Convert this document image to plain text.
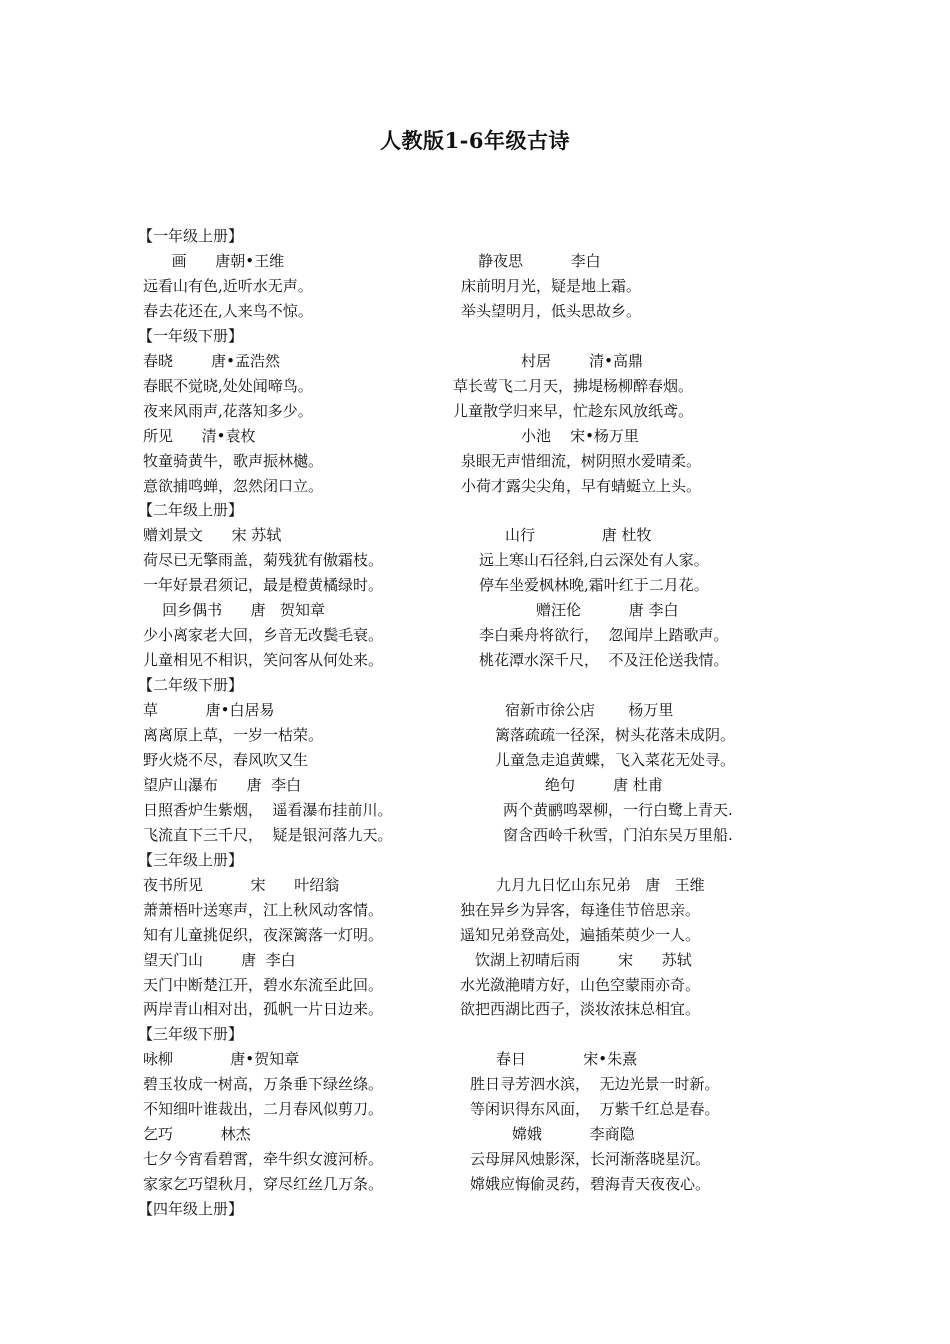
人教版1-6年级古诗
【一年级上册】
画      唐朝•王维	静夜思          李白
远看山有色,近听水无声。	床前明月光，疑是地上霜。
春去花还在,人来鸟不惊。	举头望明月，低头思故乡。
【一年级下册】
春晓        唐•孟浩然	村居        清•高鼎
春眠不觉晓,处处闻啼鸟。	草长莺飞二月天，拂堤杨柳醉春烟。
夜来风雨声,花落知多少。	儿童散学归来早，忙趁东风放纸鸢。
所见      清•袁枚	小池    宋•杨万里
牧童骑黄牛，歌声振林樾。	泉眼无声惜细流，树阴照水爱晴柔。
意欲捕鸣蝉，忽然闭口立。	小荷才露尖尖角，早有蜻蜓立上头。
【二年级上册】
赠刘景文      宋 苏轼	山行              唐 杜牧
荷尽已无擎雨盖，菊残犹有傲霜枝。	远上寒山石径斜,白云深处有人家。
一年好景君须记，最是橙黄橘绿时。	停车坐爱枫林晚,霜叶红于二月花。
回乡偶书      唐   贺知章	赠汪伦          唐 李白
少小离家老大回，乡音无改鬓毛衰。	李白乘舟将欲行，  忽闻岸上踏歌声。
儿童相见不相识，笑问客从何处来。	桃花潭水深千尺，  不及汪伦送我情。
【二年级下册】
草          唐•白居易	宿新市徐公店       杨万里
离离原上草，一岁一枯荣。	篱落疏疏一径深，树头花落未成阴。
野火烧不尽，春风吹又生	儿童急走追黄蝶，飞入菜花无处寻。
望庐山瀑布      唐  李白	绝句        唐 杜甫
日照香炉生紫烟，  遥看瀑布挂前川。	两个黄鹂鸣翠柳，一行白鹭上青天.
飞流直下三千尺，  疑是银河落九天。	窗含西岭千秋雪，门泊东吴万里船.
【三年级上册】
夜书所见          宋      叶绍翁	九月九日忆山东兄弟   唐   王维
萧萧梧叶送寒声，江上秋风动客情。	独在异乡为异客，每逢佳节倍思亲。
知有儿童挑促织，夜深篱落一灯明。	遥知兄弟登高处，遍插茱萸少一人。
望天门山        唐  李白	饮湖上初晴后雨        宋      苏轼
天门中断楚江开，碧水东流至此回。	水光潋滟晴方好，山色空蒙雨亦奇。
两岸青山相对出，孤帆一片日边来。	欲把西湖比西子，淡妆浓抹总相宜。
【三年级下册】
咏柳            唐•贺知章	春日            宋•朱熹
碧玉妆成一树高，万条垂下绿丝绦。	胜日寻芳泗水滨，  无边光景一时新。
不知细叶谁裁出，二月春风似剪刀。	等闲识得东风面，  万紫千红总是春。
乞巧          林杰	嫦娥          李商隐
七夕今宵看碧霄，牵牛织女渡河桥。	云母屏风烛影深，长河渐落晓星沉。
家家乞巧望秋月，穿尽红丝几万条。	嫦娥应悔偷灵药，碧海青天夜夜心。
【四年级上册】
